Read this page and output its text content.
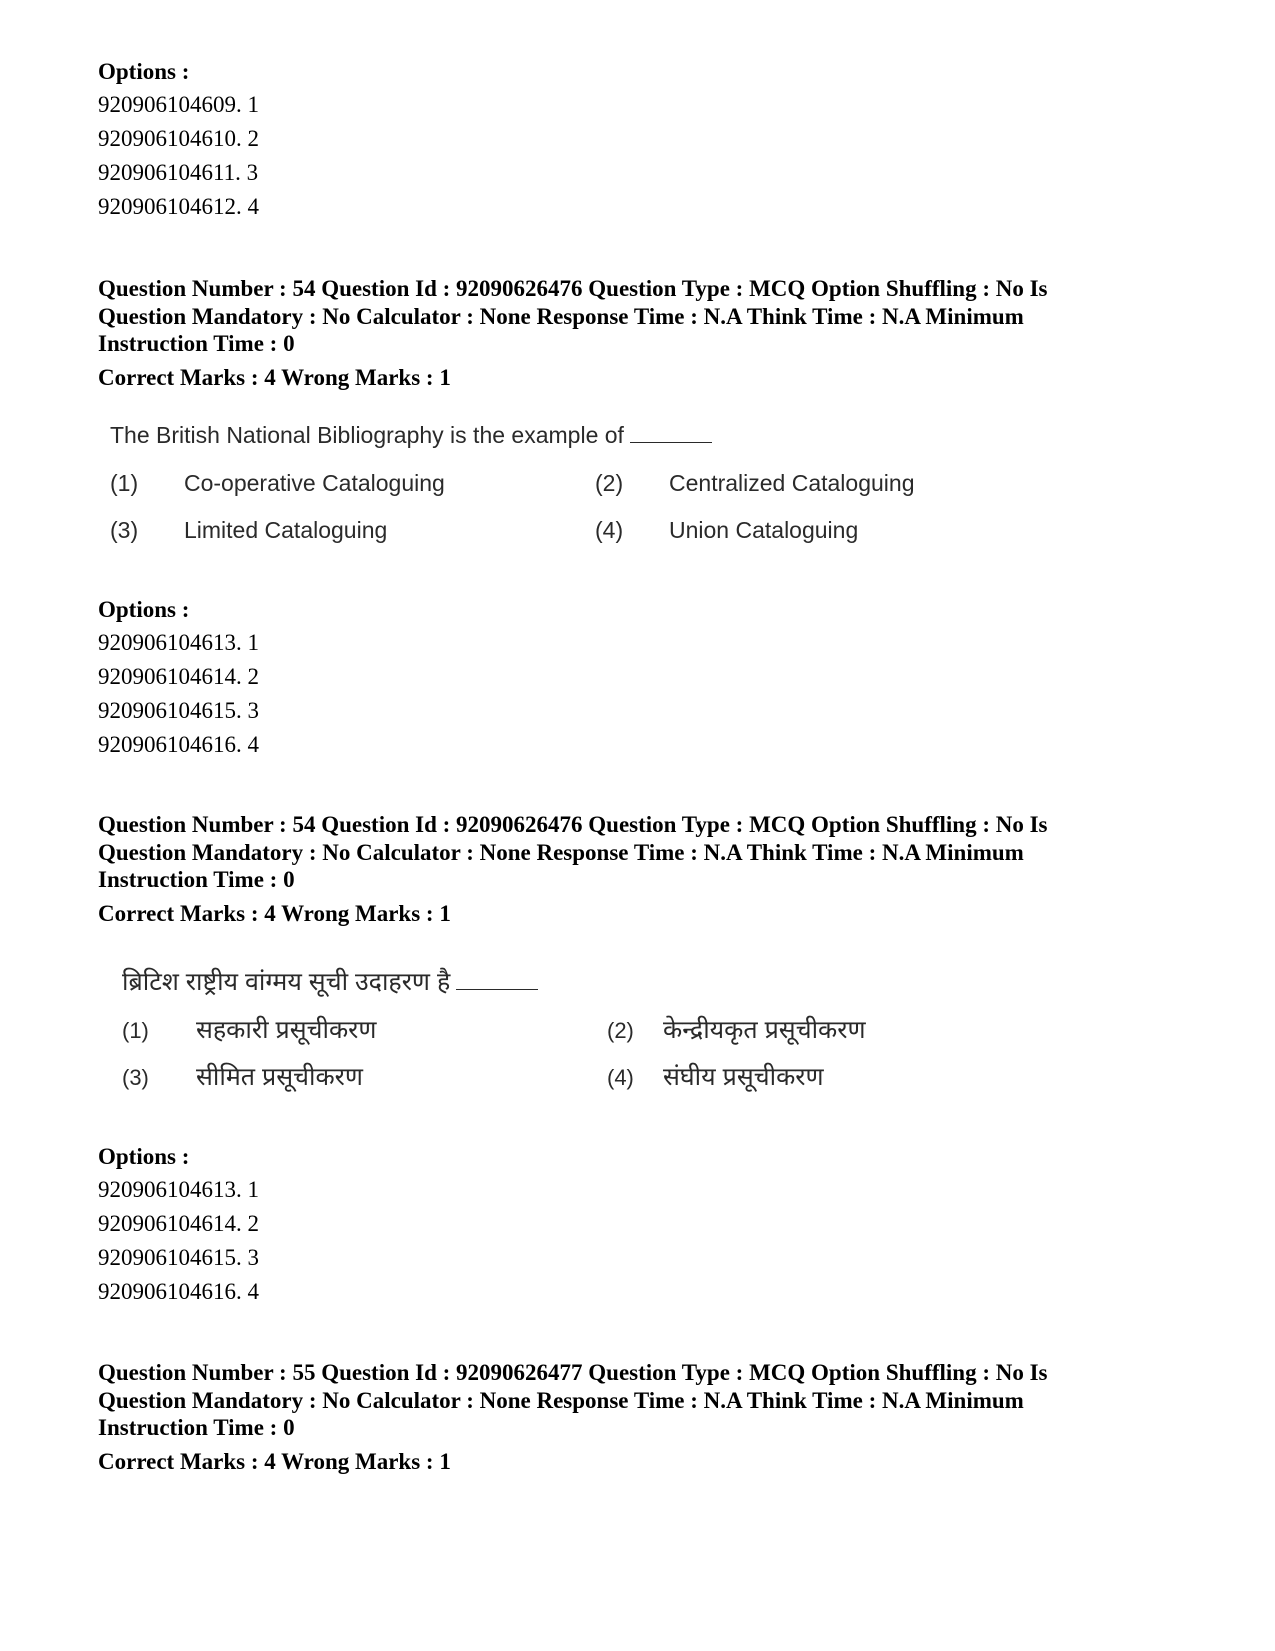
Options :

920906104609. 1

920906104610. 2

920906104611. 3

920906104612. 4

Question Number : 54 Question Id : 92090626476 Question Type : MCQ Option Shuffling : No Is

Question Mandatory : No Calculator : None Response Time : N.A Think Time : N.A Minimum

Instruction Time : 0

Correct Marks : 4 Wrong Marks : 1

The British National Bibliography is the example of

(1) Co-operative Cataloguing	(2) Centralized Cataloguing
(3) Limited Cataloguing	(4) Union Cataloguing

Options :

920906104613. 1

920906104614. 2

920906104615. 3

920906104616. 4

Question Number : 54 Question Id : 92090626476 Question Type : MCQ Option Shuffling : No Is

Question Mandatory : No Calculator : None Response Time : N.A Think Time : N.A Minimum

Instruction Time : 0

Correct Marks : 4 Wrong Marks : 1

ब्रिटिश राष्ट्रीय वांग्मय सूची उदाहरण है

(1) सहकारी प्रसूचीकरण	(2) केन्द्रीयकृत प्रसूचीकरण
(3) सीमित प्रसूचीकरण	(4) संघीय प्रसूचीकरण

Options :

920906104613. 1

920906104614. 2

920906104615. 3

920906104616. 4

Question Number : 55 Question Id : 92090626477 Question Type : MCQ Option Shuffling : No Is

Question Mandatory : No Calculator : None Response Time : N.A Think Time : N.A Minimum

Instruction Time : 0

Correct Marks : 4 Wrong Marks : 1
